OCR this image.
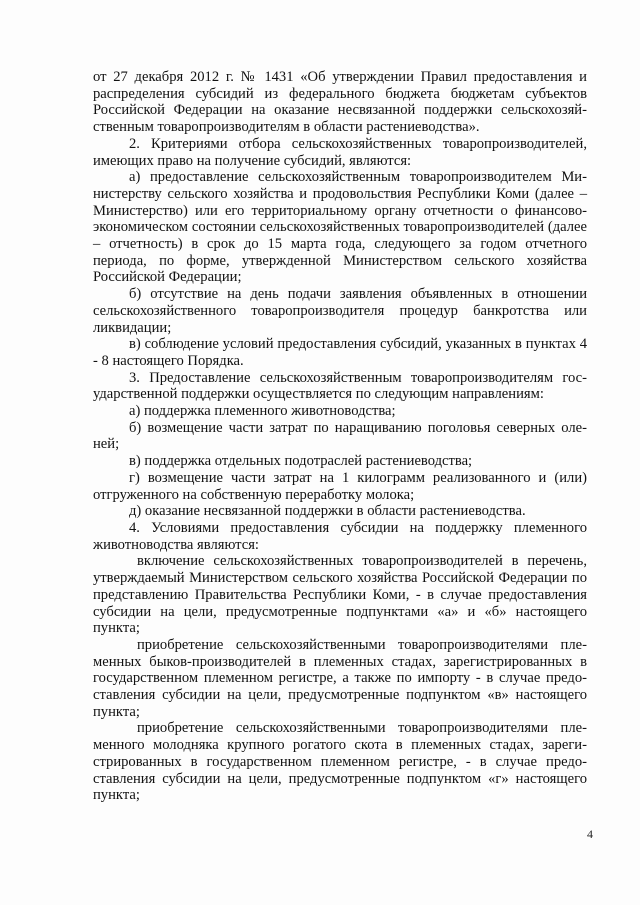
от 27 декабря 2012 г. № 1431 «Об утверждении Правил предоставления и распределения субсидий из федерального бюджета бюджетам субъектов Российской Федерации на оказание несвязанной поддержки сельскохозяйственным товаропроизводителям в области растениеводства».

2. Критериями отбора сельскохозяйственных товаропроизводителей, имеющих право на получение субсидий, являются:

а) предоставление сельскохозяйственным товаропроизводителем Министерству сельского хозяйства и продовольствия Республики Коми (далее – Министерство) или его территориальному органу отчетности о финансово-экономическом состоянии сельскохозяйственных товаропроизводителей (далее – отчетность) в срок до 15 марта года, следующего за годом отчетного периода, по форме, утвержденной Министерством сельского хозяйства Российской Федерации;

б) отсутствие на день подачи заявления объявленных в отношении сельскохозяйственного товаропроизводителя процедур банкротства или ликвидации;

в) соблюдение условий предоставления субсидий, указанных в пунктах 4 - 8 настоящего Порядка.

3. Предоставление сельскохозяйственным товаропроизводителям государственной поддержки осуществляется по следующим направлениям:

а) поддержка племенного животноводства;

б) возмещение части затрат по наращиванию поголовья северных оленей;

в) поддержка отдельных подотраслей растениеводства;

г) возмещение части затрат на 1 килограмм реализованного и (или) отгруженного на собственную переработку молока;

д) оказание несвязанной поддержки в области растениеводства.

4. Условиями предоставления субсидии на поддержку племенного животноводства являются:

включение сельскохозяйственных товаропроизводителей в перечень, утверждаемый Министерством сельского хозяйства Российской Федерации по представлению Правительства Республики Коми, - в случае предоставления субсидии на цели, предусмотренные подпунктами «а» и «б» настоящего пункта;

приобретение сельскохозяйственными товаропроизводителями племенных быков-производителей в племенных стадах, зарегистрированных в государственном племенном регистре, а также по импорту - в случае предоставления субсидии на цели, предусмотренные подпунктом «в» настоящего пункта;

приобретение сельскохозяйственными товаропроизводителями племенного молодняка крупного рогатого скота в племенных стадах, зарегистрированных в государственном племенном регистре, - в случае предоставления субсидии на цели, предусмотренные подпунктом «г» настоящего пункта;

4
